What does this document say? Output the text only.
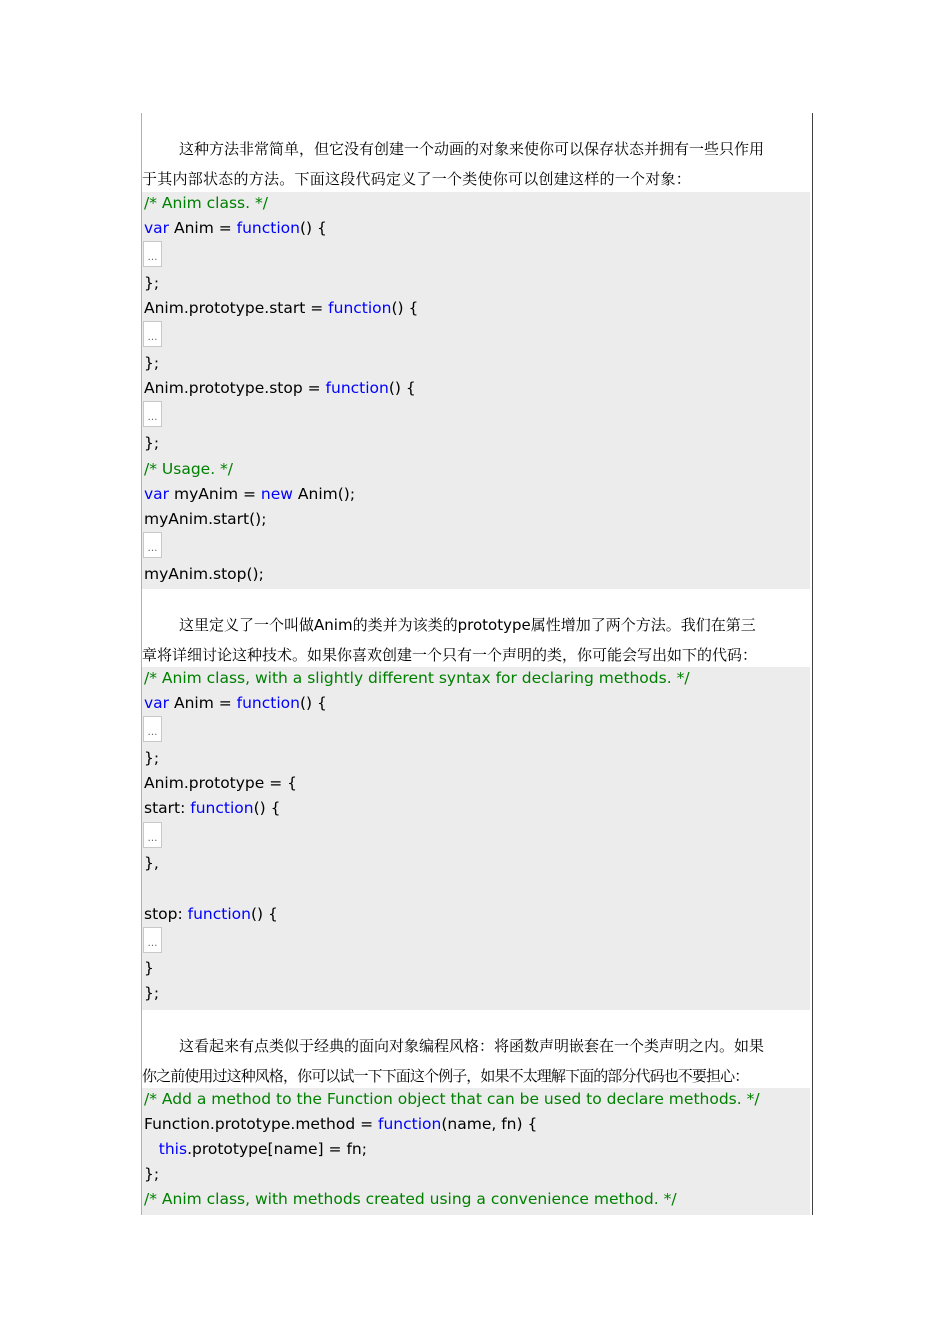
这种方法非常简单，但它没有创建一个动画的对象来使你可以保存状态并拥有一些只作用
于其内部状态的方法。下面这段代码定义了一个类使你可以创建这样的一个对象：
/* Anim class. */
var Anim = function() {
…
};
Anim.prototype.start = function() {
…
};
Anim.prototype.stop = function() {
…
};
/* Usage. */
var myAnim = new Anim();
myAnim.start();
…
myAnim.stop();
这里定义了一个叫做Anim的类并为该类的prototype属性增加了两个方法。我们在第三
章将详细讨论这种技术。如果你喜欢创建一个只有一个声明的类，你可能会写出如下的代码：
/* Anim class, with a slightly different syntax for declaring methods. */
var Anim = function() {
…
};
Anim.prototype = {
start: function() {
…
},
stop: function() {
…
}
};
这看起来有点类似于经典的面向对象编程风格：将函数声明嵌套在一个类声明之内。如果
你之前使用过这种风格，你可以试一下下面这个例子，如果不太理解下面的部分代码也不要担心：
/* Add a method to the Function object that can be used to declare methods. */
Function.prototype.method = function(name, fn) {
this.prototype[name] = fn;
};
/* Anim class, with methods created using a convenience method. */
